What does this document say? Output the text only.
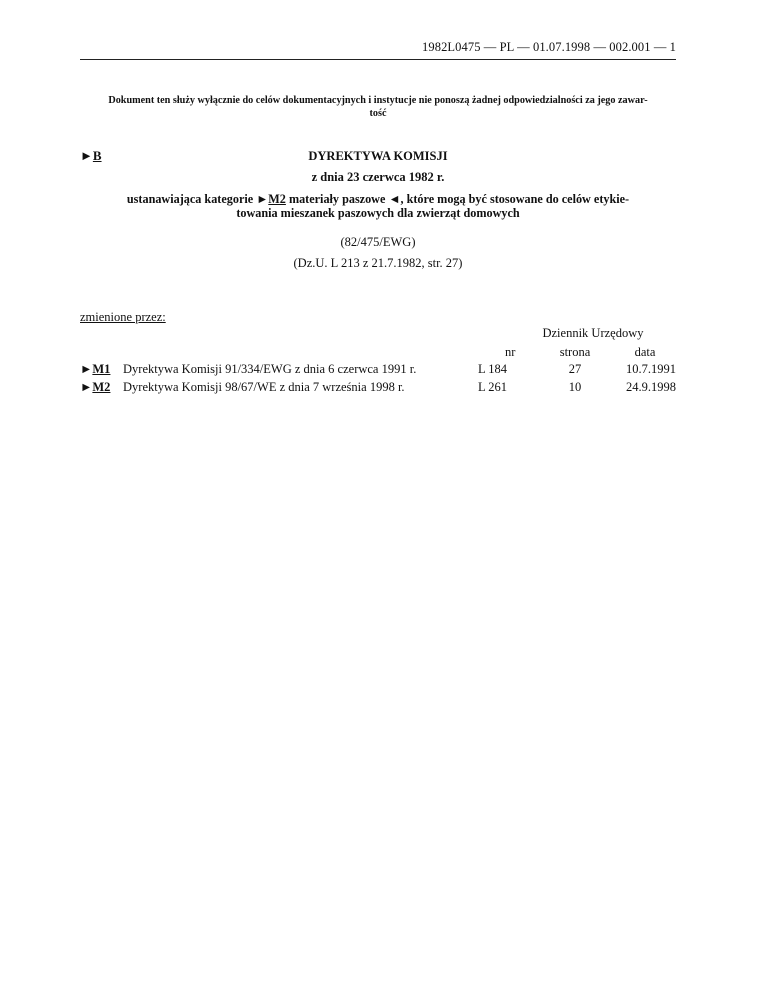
1982L0475 — PL — 01.07.1998 — 002.001 — 1
Dokument ten służy wyłącznie do celów dokumentacyjnych i instytucje nie ponoszą żadnej odpowiedzialności za jego zawar-
tość
►B	DYREKTYWA KOMISJI
z dnia 23 czerwca 1982 r.
ustanawiająca kategorie ►M2 materiały paszowe ◄, które mogą być stosowane do celów etykie-
towania mieszanek paszowych dla zwierząt domowych
(82/475/EWG)
(Dz.U. L 213 z 21.7.1982, str. 27)
zmienione przez:
Dziennik Urzędowy
nr	strona	data
►M1 Dyrektywa Komisji 91/334/EWG z dnia 6 czerwca 1991 r.	L 184	27	10.7.1991
►M2 Dyrektywa Komisji 98/67/WE z dnia 7 września 1998 r.	L 261	10	24.9.1998
